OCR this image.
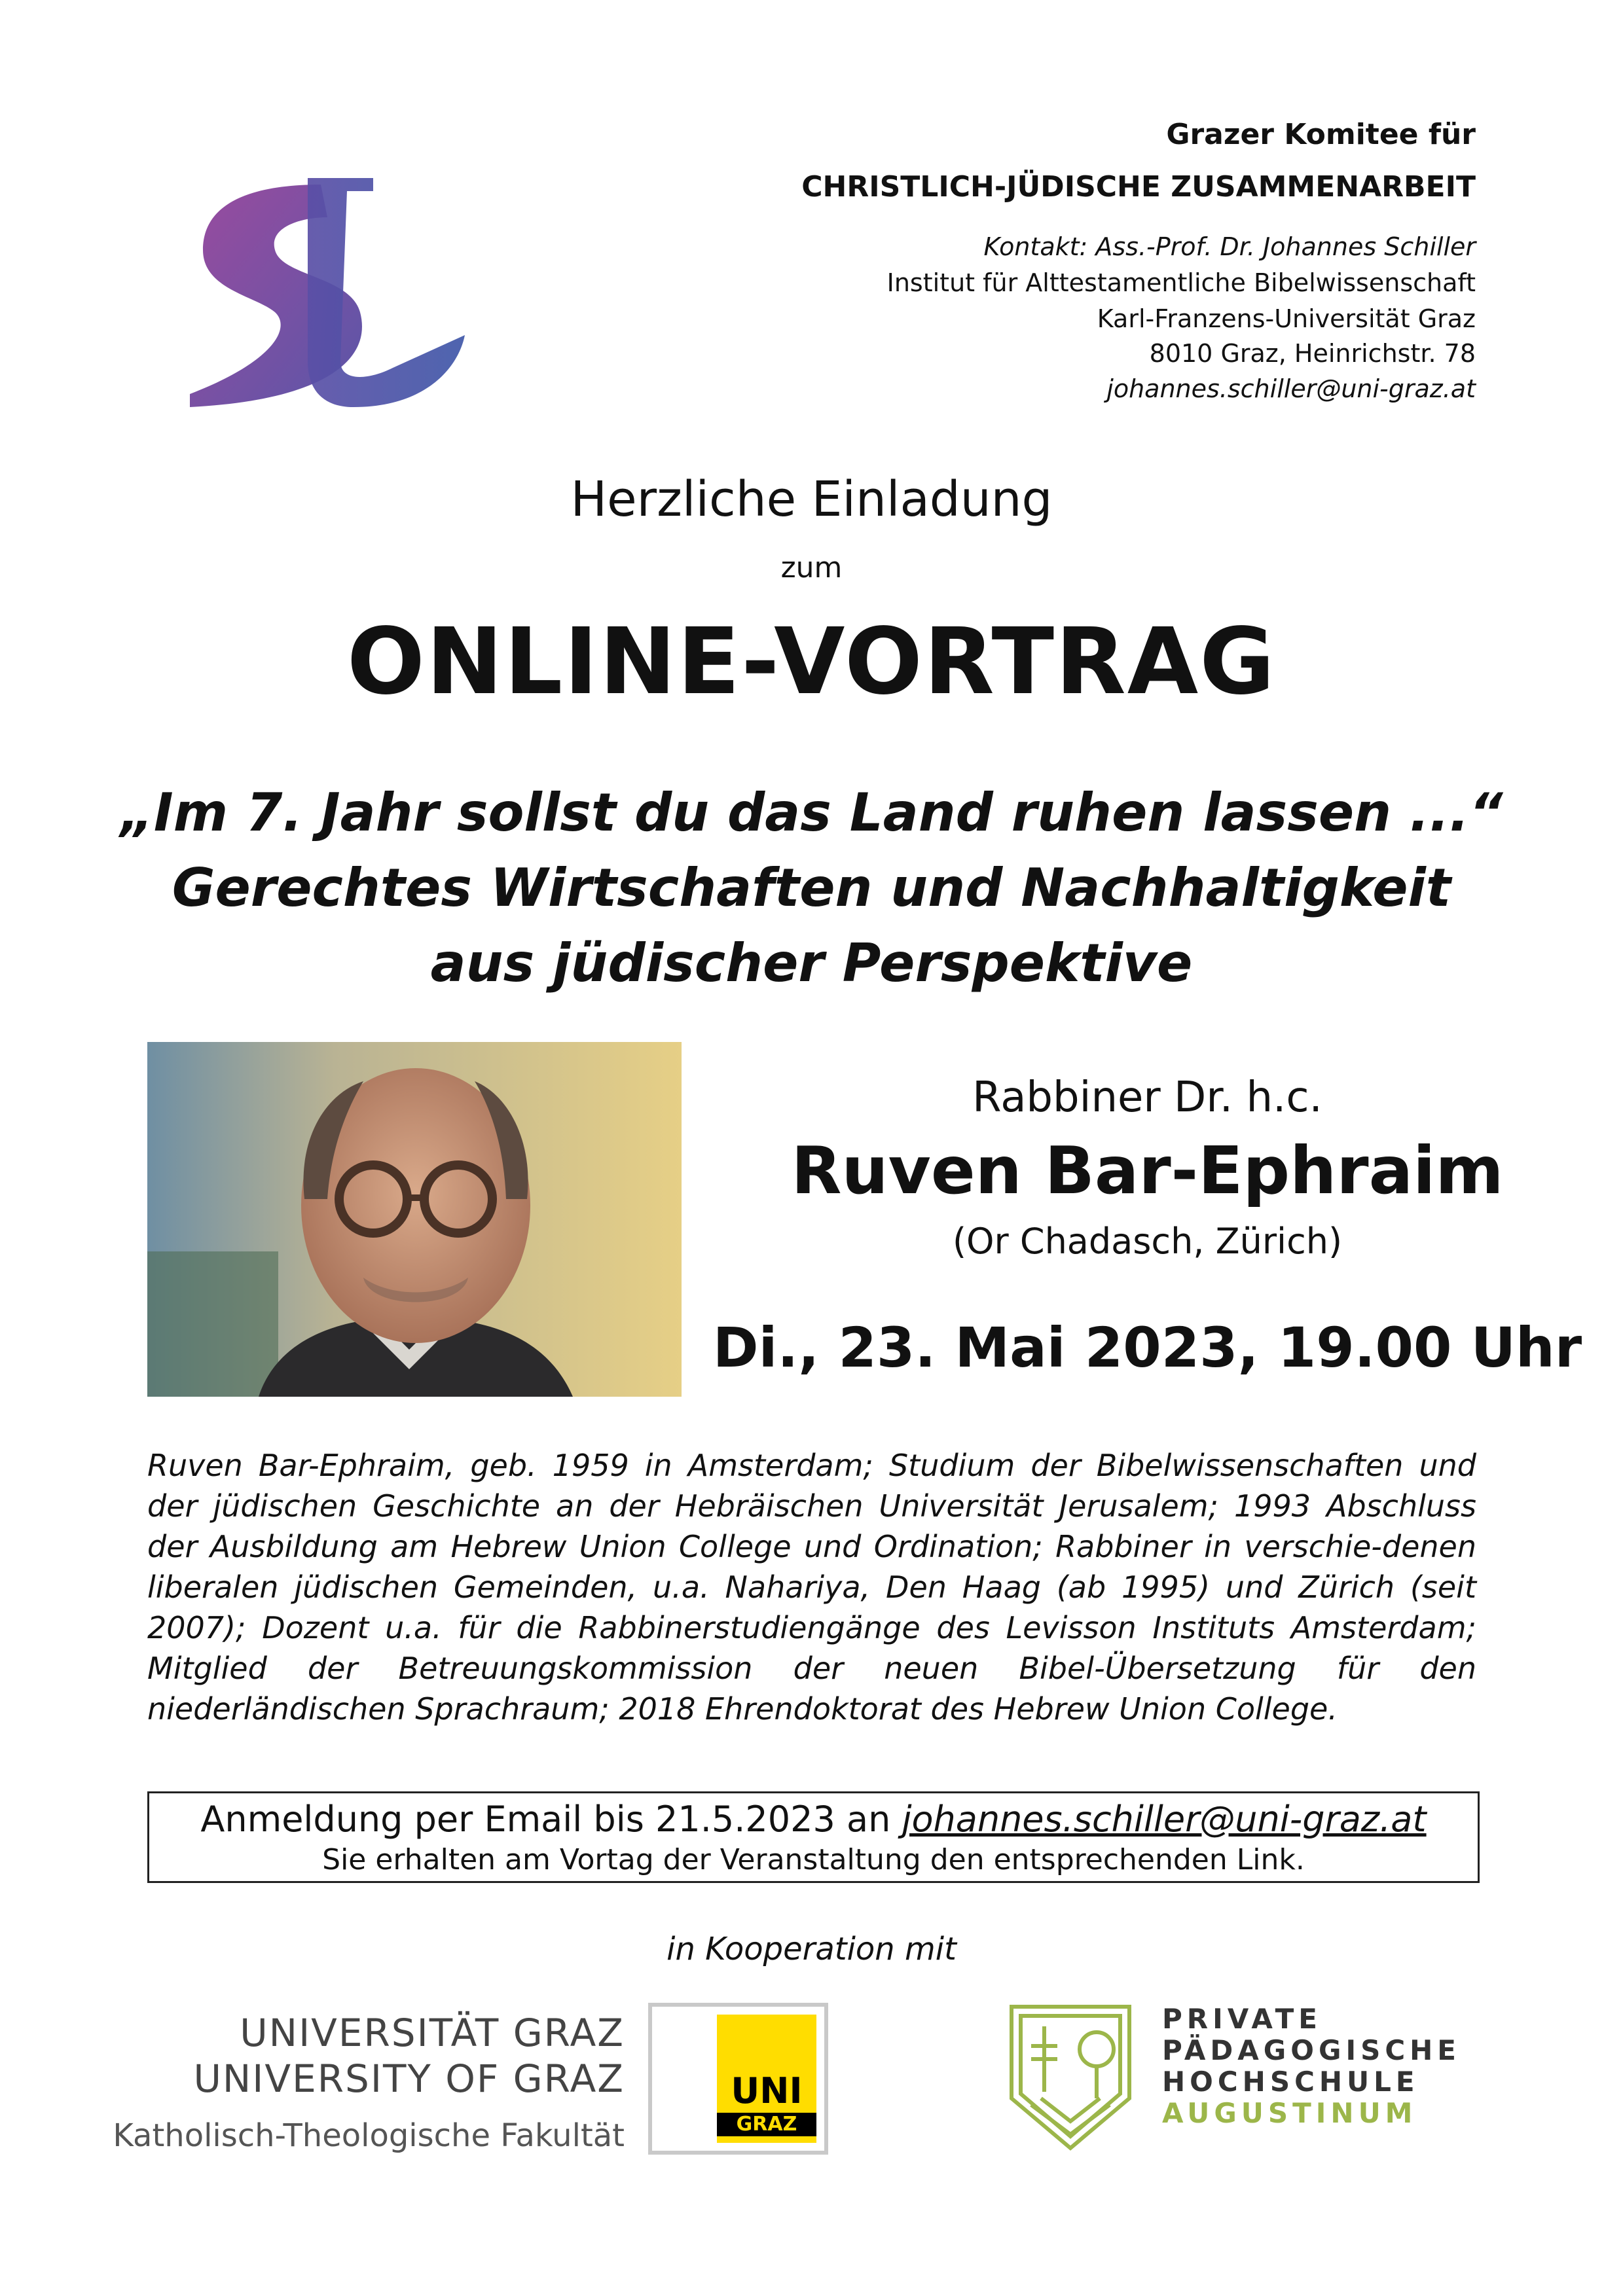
Grazer Komitee für
CHRISTLICH-JÜDISCHE ZUSAMMENARBEIT
Kontakt: Ass.-Prof. Dr. Johannes Schiller
Institut für Alttestamentliche Bibelwissenschaft
Karl-Franzens-Universität Graz
8010 Graz, Heinrichstr. 78
johannes.schiller@uni-graz.at
Herzliche Einladung
zum
ONLINE-VORTRAG
„Im 7. Jahr sollst du das Land ruhen lassen ...“
Gerechtes Wirtschaften und Nachhaltigkeit
aus jüdischer Perspektive
Rabbiner Dr. h.c.
Ruven Bar-Ephraim
(Or Chadasch, Zürich)
Di., 23. Mai 2023, 19.00 Uhr

Ruven Bar-Ephraim, geb. 1959 in Amsterdam; Studium der Bibelwissenschaften und der jüdischen Geschichte an der Hebräischen Universität Jerusalem; 1993 Abschluss der Ausbildung am Hebrew Union College und Ordination; Rabbiner in verschie-denen liberalen jüdischen Gemeinden, u.a. Nahariya, Den Haag (ab 1995) und Zürich (seit 2007); Dozent u.a. für die Rabbinerstudiengänge des Levisson Instituts Amsterdam; Mitglied der Betreuungskommission der neuen Bibel-Übersetzung für den niederländischen Sprachraum; 2018 Ehrendoktorat des Hebrew Union College.

Anmeldung per Email bis 21.5.2023 an johannes.schiller@uni-graz.at
Sie erhalten am Vortag der Veranstaltung den entsprechenden Link.
in Kooperation mit
UNIVERSITÄT GRAZ
UNIVERSITY OF GRAZ
Katholisch-Theologische Fakultät
UNI
GRAZ
PRIVATE
PÄDAGOGISCHE
HOCHSCHULE
AUGUSTINUM
